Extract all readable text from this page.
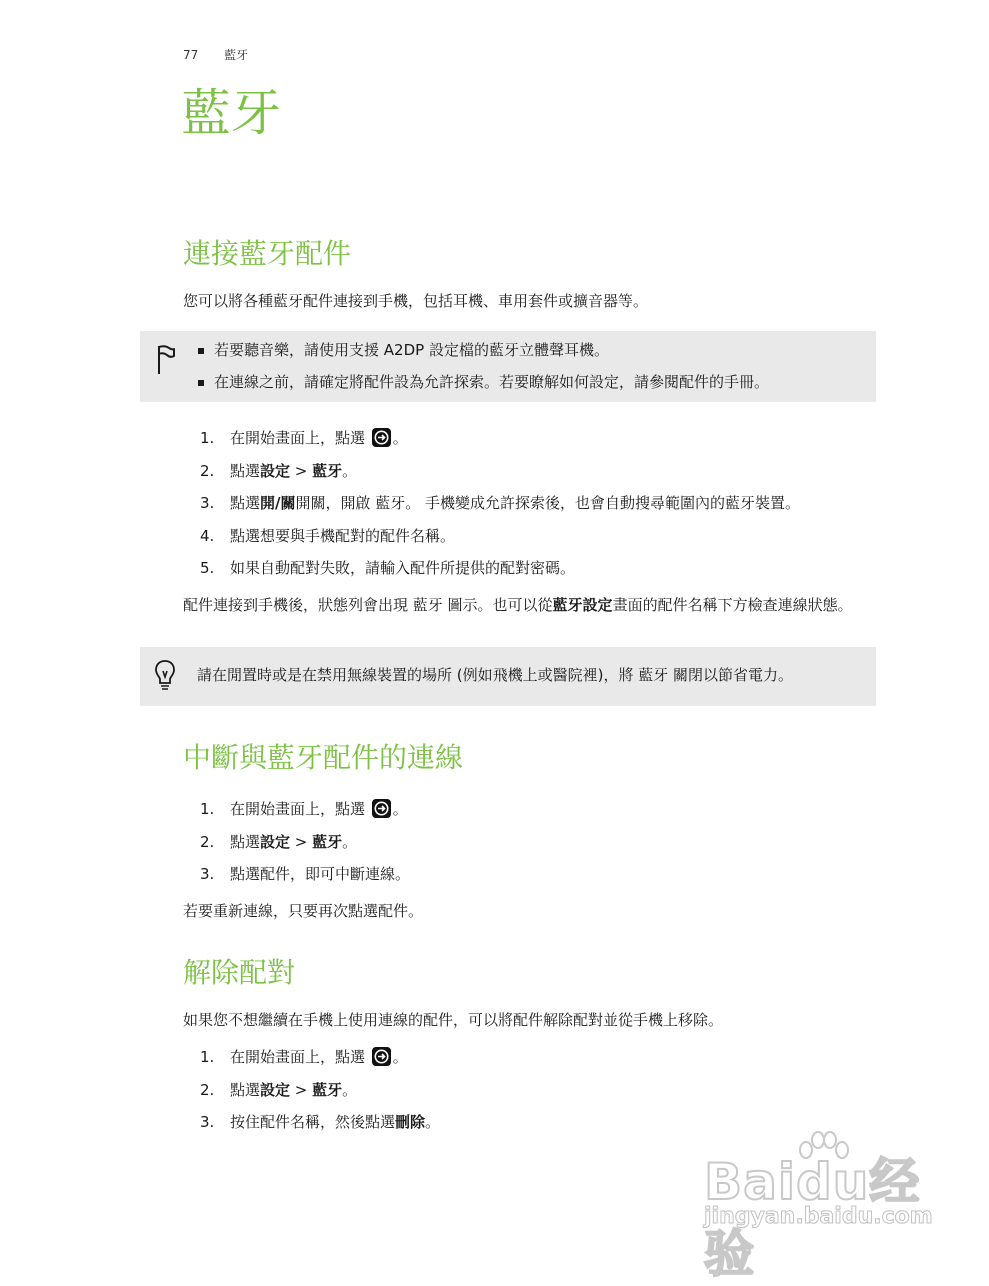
77 藍牙
藍牙
連接藍牙配件

您可以將各種藍牙配件連接到手機，包括耳機、車用套件或擴音器等。

若要聽音樂，請使用支援 A2DP 設定檔的藍牙立體聲耳機。
在連線之前，請確定將配件設為允許探索。若要瞭解如何設定，請參閱配件的手冊。
1. 在開始畫面上，點選
。
2. 點選設定 > 藍牙。
3. 點選開/關開關，開啟 藍牙。 手機變成允許探索後，也會自動搜尋範圍內的藍牙裝置。
4. 點選想要與手機配對的配件名稱。
5. 如果自動配對失敗，請輸入配件所提供的配對密碼。

配件連接到手機後，狀態列會出現 藍牙 圖示。也可以從藍牙設定畫面的配件名稱下方檢查連線狀態。

請在閒置時或是在禁用無線裝置的場所 (例如飛機上或醫院裡)，將 藍牙 關閉以節省電力。
中斷與藍牙配件的連線
1. 在開始畫面上，點選
。
2. 點選設定 > 藍牙。
3. 點選配件，即可中斷連線。

若要重新連線，只要再次點選配件。

解除配對

如果您不想繼續在手機上使用連線的配件，可以將配件解除配對並從手機上移除。

1. 在開始畫面上，點選
。
2. 點選設定 > 藍牙。
3. 按住配件名稱，然後點選刪除。
Baidu经验
jingyan.baidu.com
